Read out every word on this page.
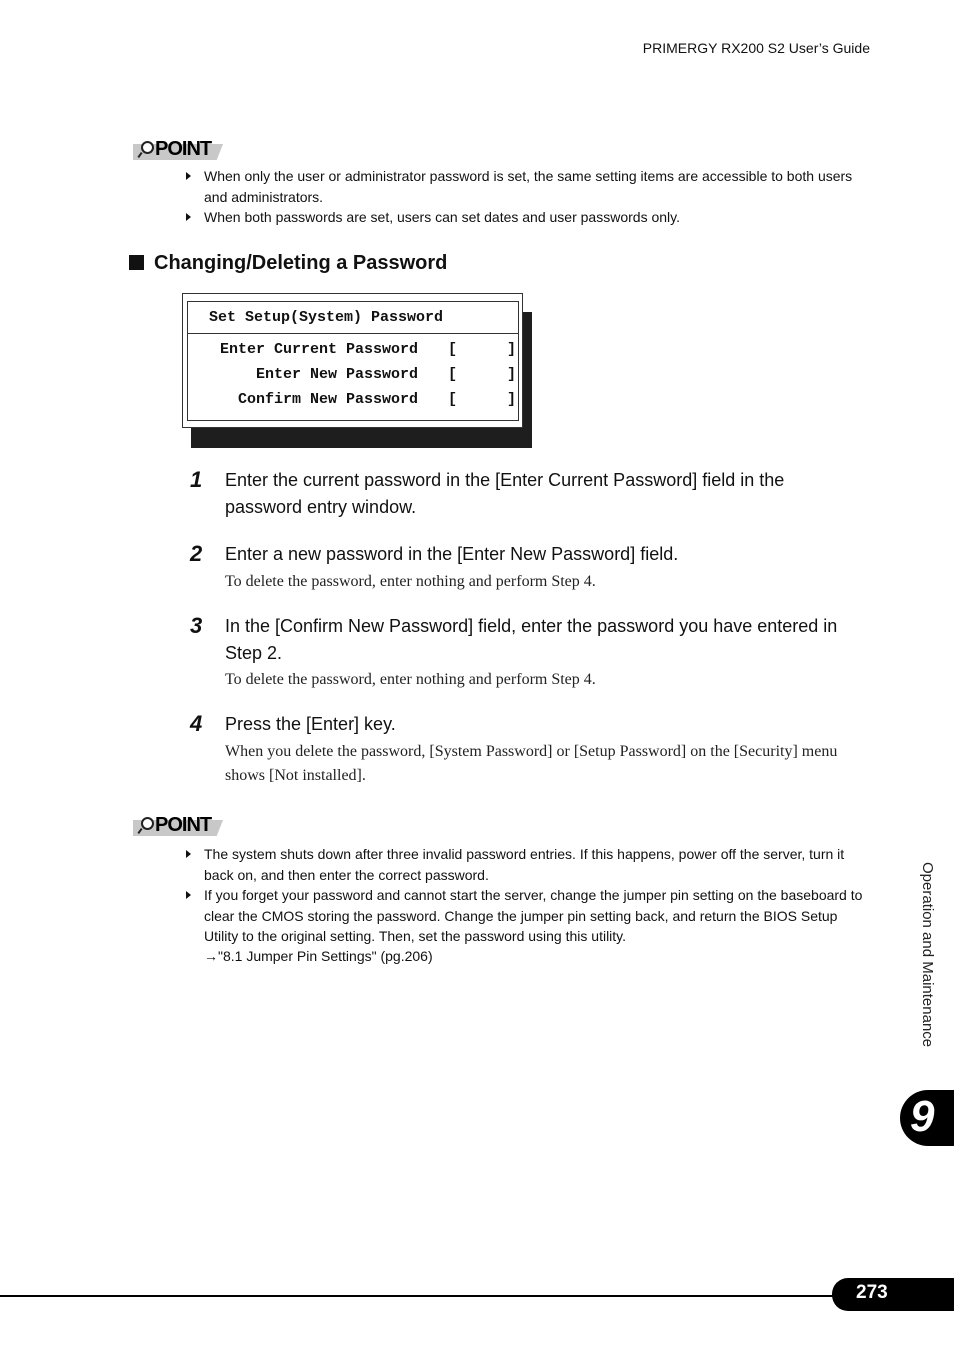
PRIMERGY RX200 S2 User’s Guide
POINT
When only the user or administrator password is set, the same setting items are accessible to both users and administrators.
When both passwords are set, users can set dates and user passwords only.
Changing/Deleting a Password
Set Setup(System) Password
Enter Current Password [	]
Enter New Password [	]
Confirm New Password [	]
1 Enter the current password in the [Enter Current Password] field in the password entry window.
2 Enter a new password in the [Enter New Password] field.
To delete the password, enter nothing and perform Step 4.
3 In the [Confirm New Password] field, enter the password you have entered in Step 2.
To delete the password, enter nothing and perform Step 4.
4 Press the [Enter] key.
When you delete the password, [System Password] or [Setup Password] on the [Security] menu shows [Not installed].
POINT
The system shuts down after three invalid password entries. If this happens, power off the server, turn it back on, and then enter the correct password.
If you forget your password and cannot start the server, change the jumper pin setting on the baseboard to clear the CMOS storing the password. Change the jumper pin setting back, and return the BIOS Setup Utility to the original setting. Then, set the password using this utility.
→"8.1 Jumper Pin Settings" (pg.206)	Operation and Maintenance
9
273
